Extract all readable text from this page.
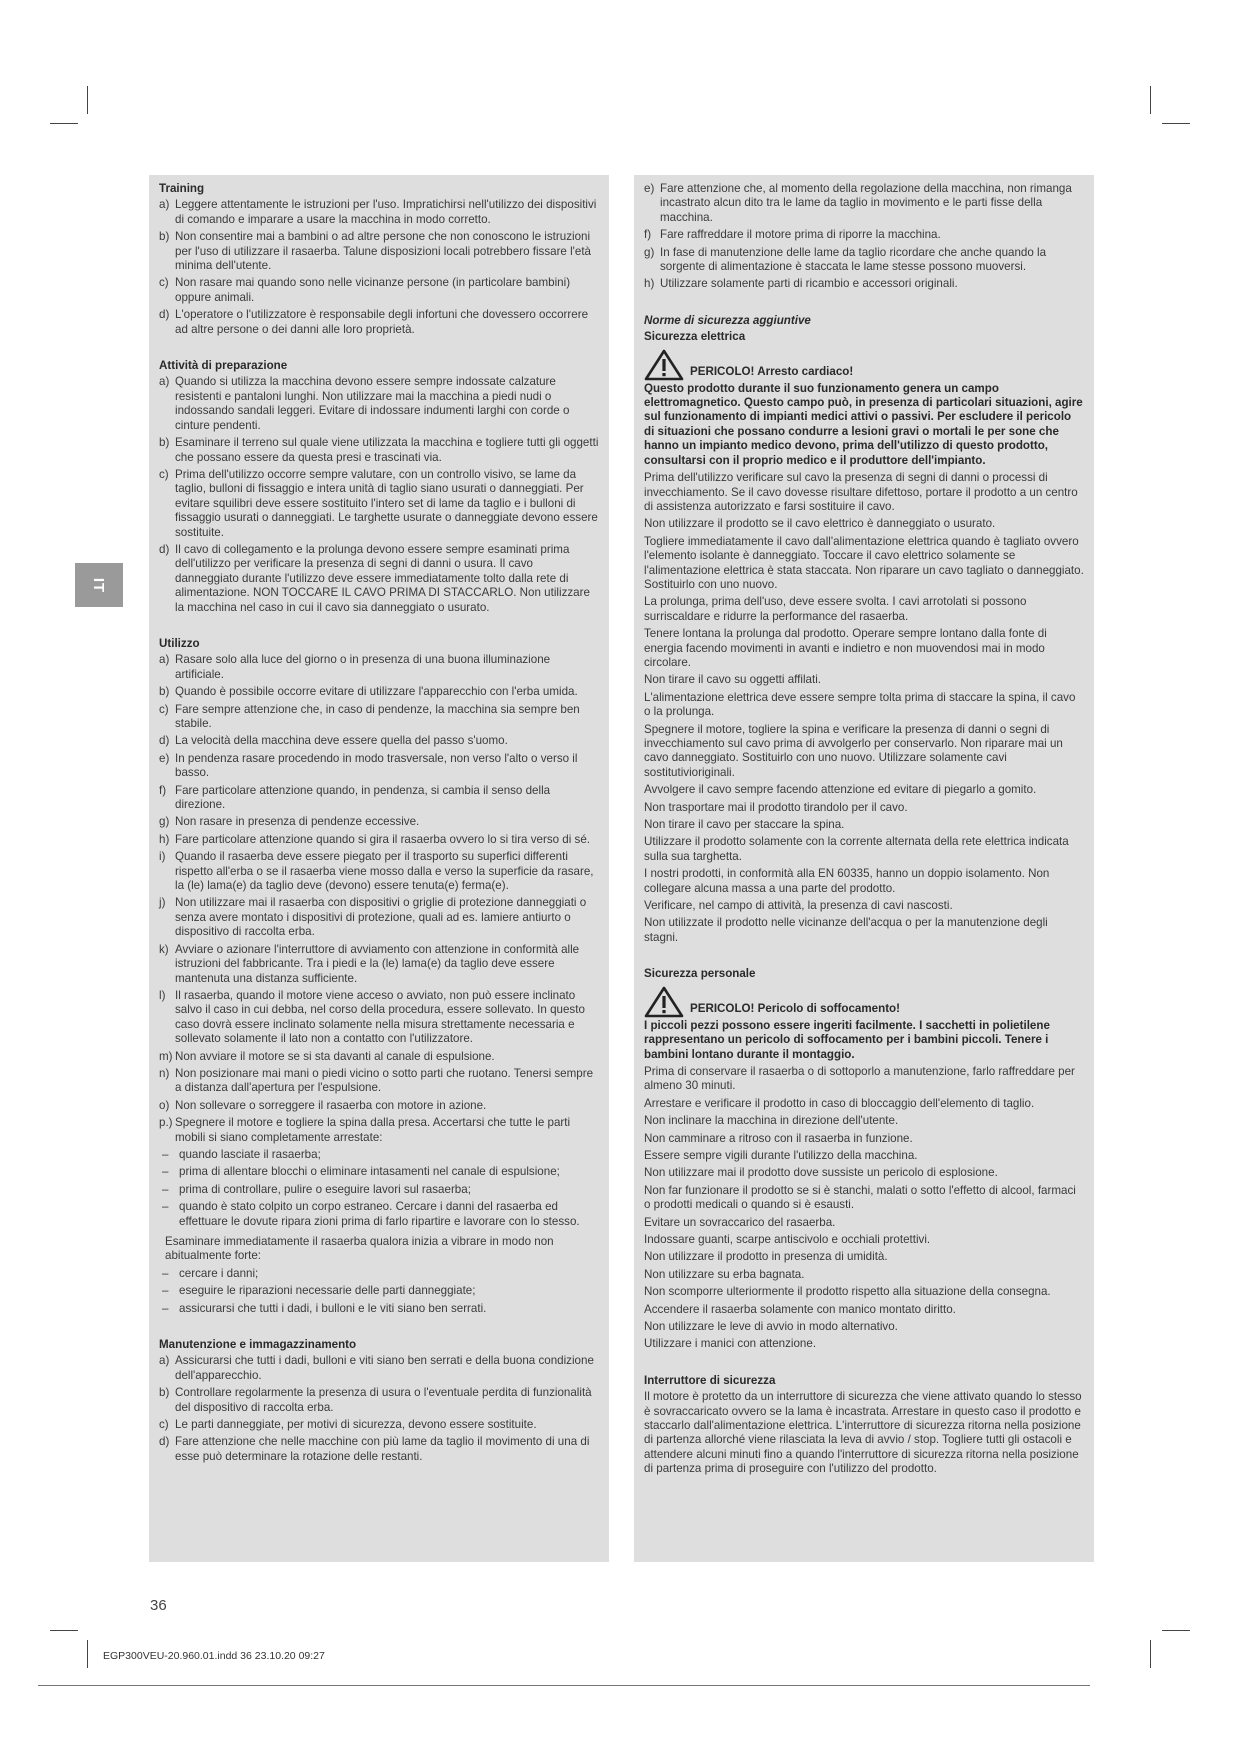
IT
Training
a) Leggere attentamente le istruzioni per l'uso. Impratichirsi nell'utilizzo dei dispositivi di comando e imparare a usare la macchina in modo corretto.
b) Non consentire mai a bambini o ad altre persone che non conoscono le istruzioni per l'uso di utilizzare il rasaerba. Talune disposizioni locali potrebbero fissare l'età minima dell'utente.
c) Non rasare mai quando sono nelle vicinanze persone (in particolare bambini) oppure animali.
d) L'operatore o l'utilizzatore è responsabile degli infortuni che dovessero occorrere ad altre persone o dei danni alle loro proprietà.
Attività di preparazione
a) Quando si utilizza la macchina devono essere sempre indossate calzature resistenti e pantaloni lunghi. Non utilizzare mai la macchina a piedi nudi o indossando sandali leggeri. Evitare di indossare indumenti larghi con corde o cinture pendenti.
b) Esaminare il terreno sul quale viene utilizzata la macchina e togliere tutti gli oggetti che possano essere da questa presi e trascinati via.
c) Prima dell'utilizzo occorre sempre valutare, con un controllo visivo, se lame da taglio, bulloni di fissaggio e intera unità di taglio siano usurati o danneggiati. Per evitare squilibri deve essere sostituito l'intero set di lame da taglio e i bulloni di fissaggio usurati o danneggiati. Le targhette usurate o danneggiate devono essere sostituite.
d) Il cavo di collegamento e la prolunga devono essere sempre esaminati prima dell'utilizzo per verificare la presenza di segni di danni o usura. Il cavo danneggiato durante l'utilizzo deve essere immediatamente tolto dalla rete di alimentazione. NON TOCCARE IL CAVO PRIMA DI STACCARLO. Non utilizzare la macchina nel caso in cui il cavo sia danneggiato o usurato.
Utilizzo
a) Rasare solo alla luce del giorno o in presenza di una buona illuminazione artificiale.
b) Quando è possibile occorre evitare di utilizzare l'apparecchio con l'erba umida.
c) Fare sempre attenzione che, in caso di pendenze, la macchina sia sempre ben stabile.
d) La velocità della macchina deve essere quella del passo s'uomo.
e) In pendenza rasare procedendo in modo trasversale, non verso l'alto o verso il basso.
f) Fare particolare attenzione quando, in pendenza, si cambia il senso della direzione.
g) Non rasare in presenza di pendenze eccessive.
h) Fare particolare attenzione quando si gira il rasaerba ovvero lo si tira verso di sé.
i) Quando il rasaerba deve essere piegato per il trasporto su superfici differenti rispetto all'erba o se il rasaerba viene mosso dalla e verso la superficie da rasare, la (le) lama(e) da taglio deve (devono) essere tenuta(e) ferma(e).
j) Non utilizzare mai il rasaerba con dispositivi o griglie di protezione danneggiati o senza avere montato i dispositivi di protezione, quali ad es. lamiere antiurto o dispositivo di raccolta erba.
k) Avviare o azionare l'interruttore di avviamento con attenzione in conformità alle istruzioni del fabbricante. Tra i piedi e la (le) lama(e) da taglio deve essere mantenuta una distanza sufficiente.
l) Il rasaerba, quando il motore viene acceso o avviato, non può essere inclinato salvo il caso in cui debba, nel corso della procedura, essere sollevato. In questo caso dovrà essere inclinato solamente nella misura strettamente necessaria e sollevato solamente il lato non a contatto con l'utilizzatore.
m) Non avviare il motore se si sta davanti al canale di espulsione.
n) Non posizionare mai mani o piedi vicino o sotto parti che ruotano. Tenersi sempre a distanza dall'apertura per l'espulsione.
o) Non sollevare o sorreggere il rasaerba con motore in azione.
p.) Spegnere il motore e togliere la spina dalla presa. Accertarsi che tutte le parti mobili si siano completamente arrestate:
– quando lasciate il rasaerba;
– prima di allentare blocchi o eliminare intasamenti nel canale di espulsione;
– prima di controllare, pulire o eseguire lavori sul rasaerba;
– quando è stato colpito un corpo estraneo. Cercare i danni del rasaerba ed effettuare le dovute ripara zioni prima di farlo ripartire e lavorare con lo stesso.
Esaminare immediatamente il rasaerba qualora inizia a vibrare in modo non abitualmente forte:
– cercare i danni;
– eseguire le riparazioni necessarie delle parti danneggiate;
– assicurarsi che tutti i dadi, i bulloni e le viti siano ben serrati.
Manutenzione e immagazzinamento
a) Assicurarsi che tutti i dadi, bulloni e viti siano ben serrati e della buona condizione dell'apparecchio.
b) Controllare regolarmente la presenza di usura o l'eventuale perdita di funzionalità del dispositivo di raccolta erba.
c) Le parti danneggiate, per motivi di sicurezza, devono essere sostituite.
d) Fare attenzione che nelle macchine con più lame da taglio il movimento di una di esse può determinare la rotazione delle restanti.
e) Fare attenzione che, al momento della regolazione della macchina, non rimanga incastrato alcun dito tra le lame da taglio in movimento e le parti fisse della macchina.
f) Fare raffreddare il motore prima di riporre la macchina.
g) In fase di manutenzione delle lame da taglio ricordare che anche quando la sorgente di alimentazione è staccata le lame stesse possono muoversi.
h) Utilizzare solamente parti di ricambio e accessori originali.
Norme di sicurezza aggiuntive
Sicurezza elettrica
PERICOLO! Arresto cardiaco!
Questo prodotto durante il suo funzionamento genera un campo elettromagnetico. Questo campo può, in presenza di particolari situazioni, agire sul funzionamento di impianti medici attivi o passivi. Per escludere il pericolo di situazioni che possano condurre a lesioni gravi o mortali le per sone che hanno un impianto medico devono, prima dell'utilizzo di questo prodotto, consultarsi con il proprio medico e il produttore dell'impianto.
Prima dell'utilizzo verificare sul cavo la presenza di segni di danni o processi di invecchiamento. Se il cavo dovesse risultare difettoso, portare il prodotto a un centro di assistenza autorizzato e farsi sostituire il cavo.
Non utilizzare il prodotto se il cavo elettrico è danneggiato o usurato.
Togliere immediatamente il cavo dall'alimentazione elettrica quando è tagliato ovvero l'elemento isolante è danneggiato. Toccare il cavo elettrico solamente se l'alimentazione elettrica è stata staccata. Non riparare un cavo tagliato o danneggiato. Sostituirlo con uno nuovo.
La prolunga, prima dell'uso, deve essere svolta. I cavi arrotolati si possono surriscaldare e ridurre la performance del rasaerba.
Tenere lontana la prolunga dal prodotto. Operare sempre lontano dalla fonte di energia facendo movimenti in avanti e indietro e non muovendosi mai in modo circolare.
Non tirare il cavo su oggetti affilati.
L'alimentazione elettrica deve essere sempre tolta prima di staccare la spina, il cavo o la prolunga.
Spegnere il motore, togliere la spina e verificare la presenza di danni o segni di invecchiamento sul cavo prima di avvolgerlo per conservarlo. Non riparare mai un cavo danneggiato. Sostituirlo con uno nuovo. Utilizzare solamente cavi sostitutivioriginali.
Avvolgere il cavo sempre facendo attenzione ed evitare di piegarlo a gomito.
Non trasportare mai il prodotto tirandolo per il cavo.
Non tirare il cavo per staccare la spina.
Utilizzare il prodotto solamente con la corrente alternata della rete elettrica indicata sulla sua targhetta.
I nostri prodotti, in conformità alla EN 60335, hanno un doppio isolamento. Non collegare alcuna massa a una parte del prodotto.
Verificare, nel campo di attività, la presenza di cavi nascosti.
Non utilizzate il prodotto nelle vicinanze dell'acqua o per la manutenzione degli stagni.
Sicurezza personale
PERICOLO! Pericolo di soffocamento!
I piccoli pezzi possono essere ingeriti facilmente. I sacchetti in polietilene rappresentano un pericolo di soffocamento per i bambini piccoli. Tenere i bambini lontano durante il montaggio.
Prima di conservare il rasaerba o di sottoporlo a manutenzione, farlo raffreddare per almeno 30 minuti.
Arrestare e verificare il prodotto in caso di bloccaggio dell'elemento di taglio.
Non inclinare la macchina in direzione dell'utente.
Non camminare a ritroso con il rasaerba in funzione.
Essere sempre vigili durante l'utilizzo della macchina.
Non utilizzare mai il prodotto dove sussiste un pericolo di esplosione.
Non far funzionare il prodotto se si è stanchi, malati o sotto l'effetto di alcool, farmaci o prodotti medicali o quando si è esausti.
Evitare un sovraccarico del rasaerba.
Indossare guanti, scarpe antiscivolo e occhiali protettivi.
Non utilizzare il prodotto in presenza di umidità.
Non utilizzare su erba bagnata.
Non scomporre ulteriormente il prodotto rispetto alla situazione della consegna.
Accendere il rasaerba solamente con manico montato diritto.
Non utilizzare le leve di avvio in modo alternativo.
Utilizzare i manici con attenzione.
Interruttore di sicurezza
Il motore è protetto da un interruttore di sicurezza che viene attivato quando lo stesso è sovraccaricato ovvero se la lama è incastrata. Arrestare in questo caso il prodotto e staccarlo dall'alimentazione elettrica. L'interruttore di sicurezza ritorna nella posizione di partenza allorché viene rilasciata la leva di avvio / stop. Togliere tutti gli ostacoli e attendere alcuni minuti fino a quando l'interruttore di sicurezza ritorna nella posizione di partenza prima di proseguire con l'utilizzo del prodotto.
36
EGP300VEU-20.960.01.indd 36 23.10.20 09:27
